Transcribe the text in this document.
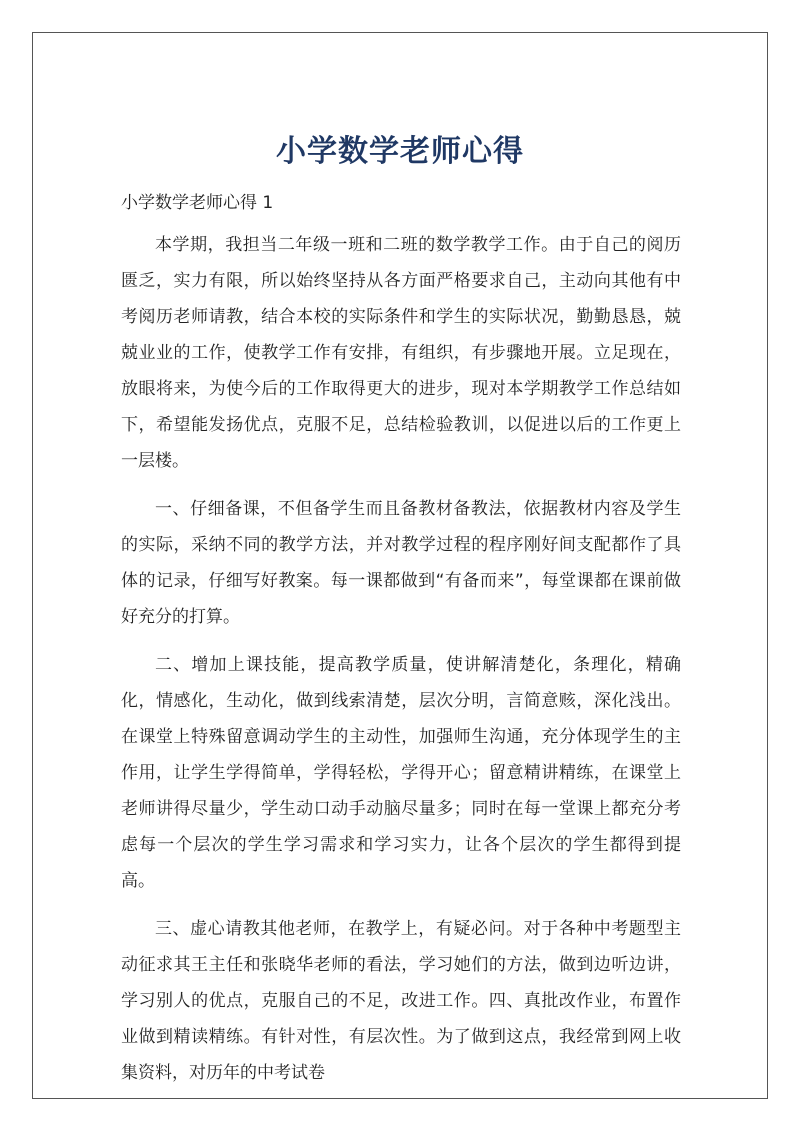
小学数学老师心得
小学数学老师心得 1

本学期，我担当二年级一班和二班的数学教学工作。由于自己的阅历匮乏，实力有限，所以始终坚持从各方面严格要求自己，主动向其他有中考阅历老师请教，结合本校的实际条件和学生的实际状况，勤勤恳恳，兢兢业业的工作，使教学工作有安排，有组织，有步骤地开展。立足现在，放眼将来，为使今后的工作取得更大的进步，现对本学期教学工作总结如下，希望能发扬优点，克服不足，总结检验教训，以促进以后的工作更上一层楼。

一、仔细备课，不但备学生而且备教材备教法，依据教材内容及学生的实际，采纳不同的教学方法，并对教学过程的程序刚好间支配都作了具体的记录，仔细写好教案。每一课都做到“有备而来”，每堂课都在课前做好充分的打算。

二、增加上课技能，提高教学质量，使讲解清楚化，条理化，精确化，情感化，生动化，做到线索清楚，层次分明，言简意赅，深化浅出。在课堂上特殊留意调动学生的主动性，加强师生沟通，充分体现学生的主作用，让学生学得简单，学得轻松，学得开心；留意精讲精练，在课堂上老师讲得尽量少，学生动口动手动脑尽量多；同时在每一堂课上都充分考虑每一个层次的学生学习需求和学习实力，让各个层次的学生都得到提高。

三、虚心请教其他老师，在教学上，有疑必问。对于各种中考题型主动征求其王主任和张晓华老师的看法，学习她们的方法，做到边听边讲，学习别人的优点，克服自己的不足，改进工作。四、真批改作业，布置作业做到精读精练。有针对性，有层次性。为了做到这点，我经常到网上收集资料，对历年的中考试卷
